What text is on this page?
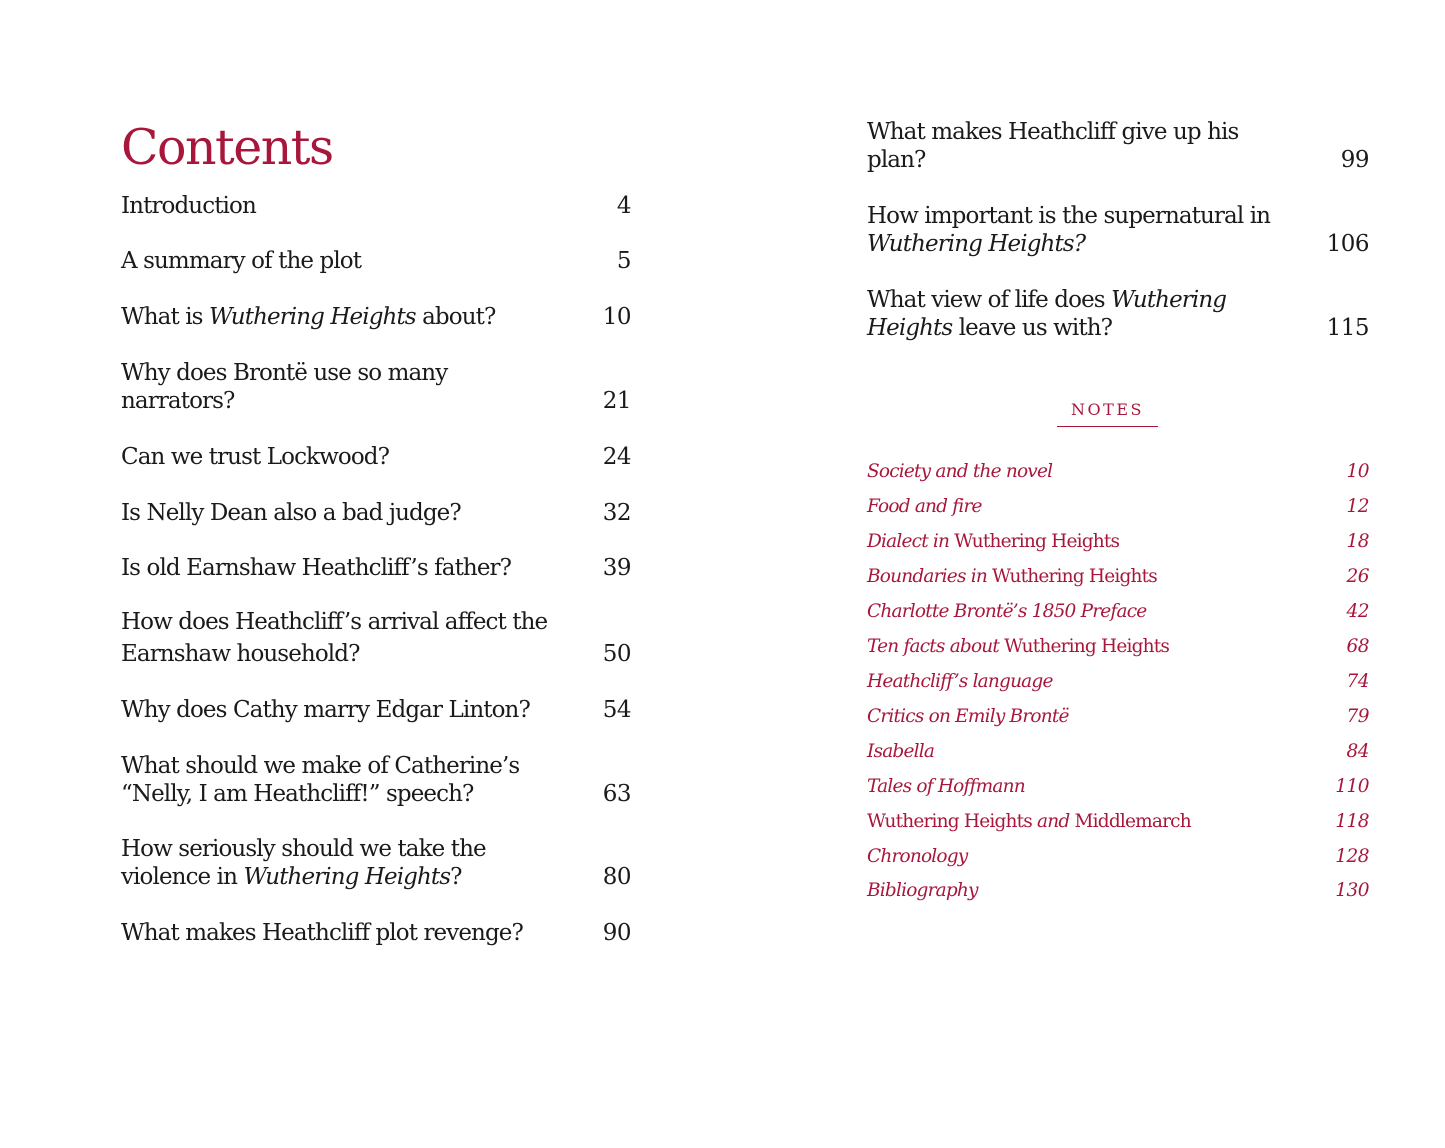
Contents
Introduction	4
A summary of the plot	5
What is Wuthering Heights about?	10
Why does Brontë use so many narrators?	21
Can we trust Lockwood?	24
Is Nelly Dean also a bad judge?	32
Is old Earnshaw Heathcliff’s father?	39
How does Heathcliff’s arrival affect the Earnshaw household?	50
Why does Cathy marry Edgar Linton?	54
What should we make of Catherine’s “Nelly, I am Heathcliff!” speech?	63
How seriously should we take the violence in Wuthering Heights?	80
What makes Heathcliff plot revenge?	90
What makes Heathcliff give up his plan?	99
How important is the supernatural in Wuthering Heights?	106
What view of life does Wuthering Heights leave us with?	115
NOTES
Society and the novel	10
Food and fire	12
Dialect in Wuthering Heights	18
Boundaries in Wuthering Heights	26
Charlotte Brontë’s 1850 Preface	42
Ten facts about Wuthering Heights	68
Heathcliff’s language	74
Critics on Emily Brontë	79
Isabella	84
Tales of Hoffmann	110
Wuthering Heights and Middlemarch	118
Chronology	128
Bibliography	130
